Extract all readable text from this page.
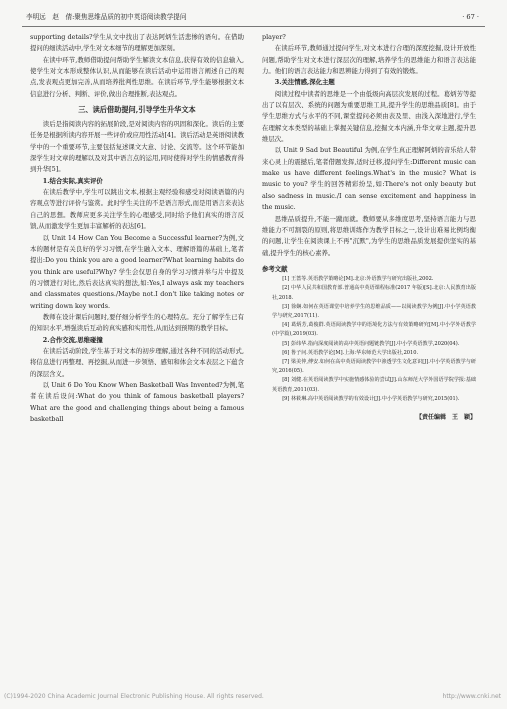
李明远　赵　倩:聚焦思维品质的初中英语阅读教学提问	· 67 ·

supporting details?学生从文中找出了表达阿炳生活悲惨的语句。在借助提问的细读活动中,学生对文本细节的理解更加深刻。

在读中环节,教师借助提问帮助学生解读文本信息,获得有效的信息输入,使学生对文本形成整体认识,从而能够在读后活动中运用语言阐述自己的观点,发表观点更加完善,从而培养批判性思维。在读后环节,学生能够根据文本信息进行分析、判断、评价,做出合理推断,表达观点。

三、读后借助提问,引导学生升华文本

读后是指阅读内容的拓展阶段,是对阅读内容的巩固和深化。读后的主要任务是根据所读内容开展一些评价或应用性活动[4]。读后活动是英语阅读教学中的一个重要环节,主要包括复述课文大意、讨论、交流等。这个环节能加深学生对文章的理解以及对其中语言点的运用,同时使得对学生的情感教育得到升华[5]。

1.结合实际,真实评价

在读后教学中,学生可以跳出文本,根据主观经验和感受对阅读语篇的内容观点等进行评价与鉴赏。此时学生关注的不是语言形式,而是用语言来表达自己的思想。教师应更多关注学生的心理感受,同时给予他们真实的语言反馈,从而激发学生更加丰富解析的表达[6]。

以 Unit 14 How Can You Become a Successful learner?为例,文本的题材是有关良好的学习习惯,在学生融入文本、理解语篇的基础上,笔者提出:Do you think you are a good learner?What learning habits do you think are useful?Why? 学生会仅思自身的学习习惯并举与片中提及的习惯进行对比,然后表达真实的想法,如:Yes,I always ask my teachers and classmates questions./Maybe not.I don't like taking notes or writing down key words.

教师在设计课后问题时,要仔细分析学生的心理特点。充分了解学生已有的知识水平,增强读后互动的真实感和实用性,从而达到预期的教学目标。

2.合作交流,思维碰撞

在读后活动阶段,学生基于对文本的初步理解,通过各种不同的活动形式,将信息进行再整理、再挖掘,从而进一步领悟、感知和体会文本表层之下蕴含的深层含义。

以 Unit 6 Do You Know When Basketball Was Invented?为例,笔者在读后设问:What do you think of famous basketball players?What are the good and challenging things about being a famous basketball

player?

在读后环节,教师通过提问学生,对文本进行合理的深度挖掘,设计开放性问题,帮助学生对文本进行深层次的理解,培养学生的思维能力和语言表达能力。他们的语言表达能力和思辨能力得到了有效的锻炼。

3.关注情感,深化主题

阅读过程中读者的思维是一个由低级向高层次发展的过程。葛炳芳等提出了以有层次、系统的问题为重要思维工具,提升学生的思维品质[8]。由于学生思维方式与水平的不同,课堂提问必须由表及里、由浅入深地进行,学生在理解文本类型的基础上掌握关键信息,挖掘文本内涵,升华文章主题,提升思维层次。

以 Unit 9 Sad but Beautiful 为例,在学生真正理解阿炳的音乐给人带来心灵上的震撼后,笔者借题发挥,适时迁移,提问学生:Different music can make us have different feelings.What's in the music? What is music to you? 学生的回答精彩纷呈,如:There's not only beauty but also sadness in music./I can sense excitement and happiness in the music.

思维品质提升,不能一蹴而就。教师要从多维度思考,坚持语言能力与思维能力不可割裂的原则,将思维训练作为教学目标之一,设计出难易比例均衡的问题,让学生在阅读课上不再"沉默",为学生的思维品质发展提供坚实的基础,提升学生的核心素养。

参考文献

[1] 王蔷等.英语教学策略论[M].北京:外语教学与研究出版社,2002.

[2] 中华人民共和国教育部.普通高中英语课程标准(2017 年版)[S].北京:人民教育出版社,2018.

[3] 徐娴.如何在英语课堂中培养学生的思维品质——以阅读教学为例[J].中小学英语教学与研究,2017(11).

[4] 葛炳芳,葛俊群.英语阅读教学中的语境化方法与有效策略研究[M].中小学外语教学(中学篇),2019(03).

[5] 彭纬华.指向深度阅读的高中英语问题链教学[J].中小学英语教学,2020(04).

[6] 鲁子问.英语教学论[M].上海:华东师范大学出版社,2010.

[7] 梁美仲,傅安.如何在高中英语阅读教学中渗透学生文化意识[J].中小学英语教学与研究,2016(05).

[8] 刘健.在英语阅读教学中实施情感体验的尝试[J].山东师范大学外国语学院学报:基础英语教育,2011(03).

[9] 林筱琳.高中英语阅读教学的有效设计[J].中小学英语教学与研究,2015(01).

【责任编辑　王　颖】
(C)1994-2020 China Academic Journal Electronic Publishing House. All rights reserved.	http://www.cnki.net
